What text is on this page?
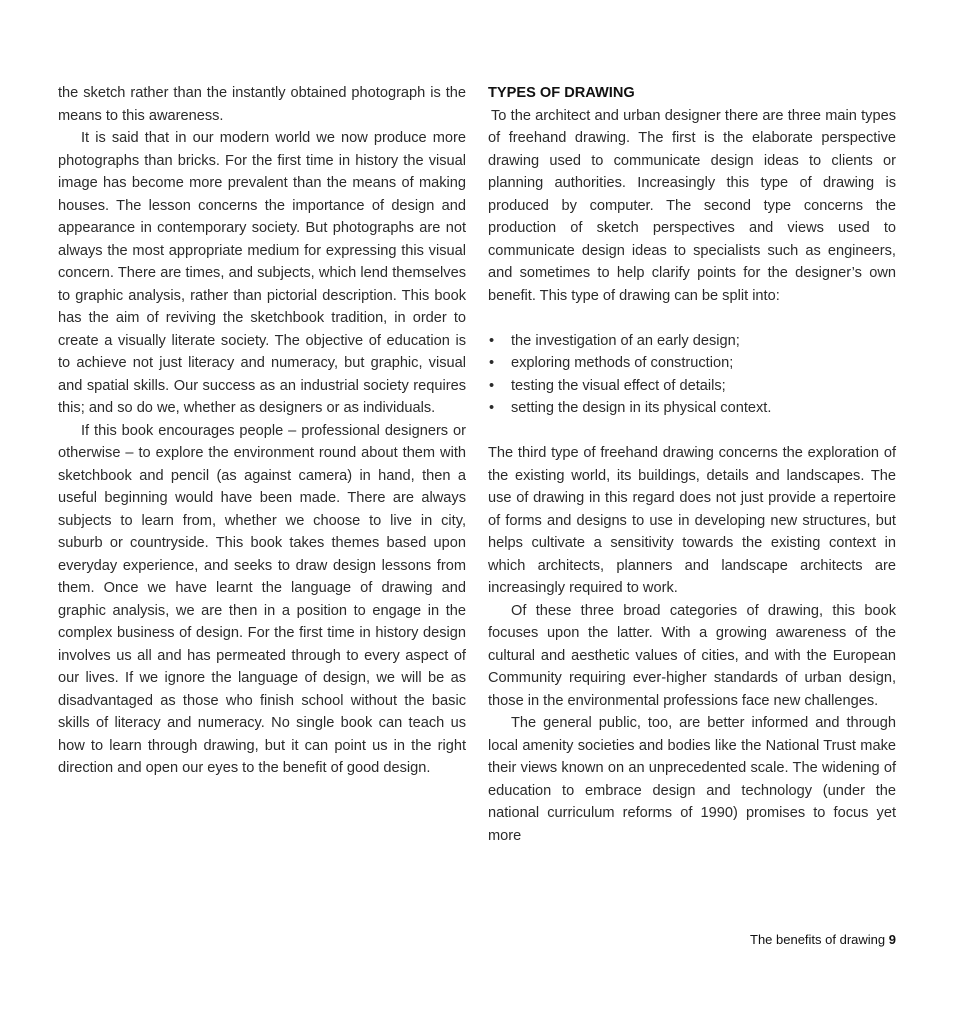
the sketch rather than the instantly obtained photograph is the means to this awareness.

It is said that in our modern world we now produce more photographs than bricks. For the first time in history the visual image has become more prevalent than the means of making houses. The lesson concerns the importance of design and appearance in contemporary society. But photographs are not always the most appropriate medium for expressing this visual concern. There are times, and subjects, which lend themselves to graphic analysis, rather than pictorial description. This book has the aim of reviving the sketchbook tradition, in order to create a visually literate society. The objective of education is to achieve not just literacy and numeracy, but graphic, visual and spatial skills. Our success as an industrial society requires this; and so do we, whether as designers or as individuals.

If this book encourages people – professional designers or otherwise – to explore the environment round about them with sketchbook and pencil (as against camera) in hand, then a useful beginning would have been made. There are always subjects to learn from, whether we choose to live in city, suburb or countryside. This book takes themes based upon everyday experience, and seeks to draw design lessons from them. Once we have learnt the language of drawing and graphic analysis, we are then in a position to engage in the complex business of design. For the first time in history design involves us all and has permeated through to every aspect of our lives. If we ignore the language of design, we will be as disadvantaged as those who finish school without the basic skills of literacy and numeracy. No single book can teach us how to learn through drawing, but it can point us in the right direction and open our eyes to the benefit of good design.

TYPES OF DRAWING

To the architect and urban designer there are three main types of freehand drawing. The first is the elaborate perspective drawing used to communicate design ideas to clients or planning authorities. Increasingly this type of drawing is produced by computer. The second type concerns the production of sketch perspectives and views used to communicate design ideas to specialists such as engineers, and sometimes to help clarify points for the designer’s own benefit. This type of drawing can be split into:

• the investigation of an early design;
• exploring methods of construction;
• testing the visual effect of details;
• setting the design in its physical context.

The third type of freehand drawing concerns the exploration of the existing world, its buildings, details and landscapes. The use of drawing in this regard does not just provide a repertoire of forms and designs to use in developing new structures, but helps cultivate a sensitivity towards the existing context in which architects, planners and landscape architects are increasingly required to work.

Of these three broad categories of drawing, this book focuses upon the latter. With a growing awareness of the cultural and aesthetic values of cities, and with the European Community requiring ever-higher standards of urban design, those in the environmental professions face new challenges.

The general public, too, are better informed and through local amenity societies and bodies like the National Trust make their views known on an unprecedented scale. The widening of education to embrace design and technology (under the national curriculum reforms of 1990) promises to focus yet more

The benefits of drawing 9
